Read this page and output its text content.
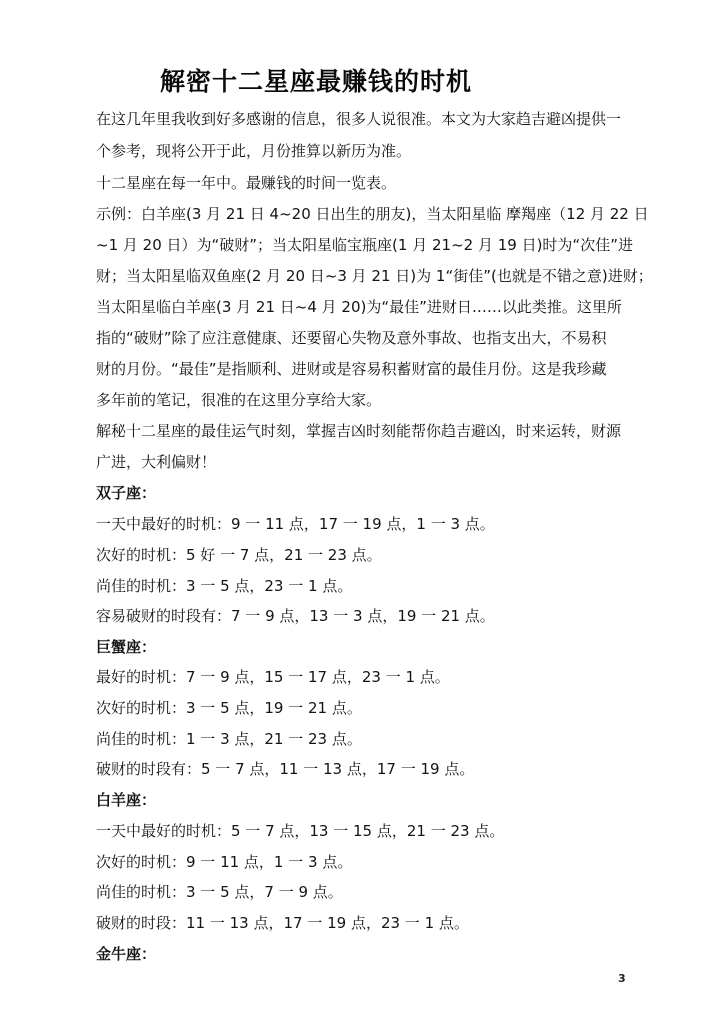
解密十二星座最赚钱的时机
在这几年里我收到好多感谢的信息，很多人说很准。本文为大家趋吉避凶提供一
个参考，现将公开于此，月份推算以新历为准。
十二星座在每一年中。最赚钱的时间一览表。
示例：白羊座(3 月 21 日 4~20 日出生的朋友)，当太阳星临 摩羯座（12 月 22 日
~1 月 20 日）为“破财”；当太阳星临宝瓶座(1 月 21~2 月 19 日)时为“次佳”进
财；当太阳星临双鱼座(2 月 20 日~3 月 21 日)为 1“街佳”(也就是不错之意)进财；
当太阳星临白羊座(3 月 21 日~4 月 20)为“最佳”进财日……以此类推。这里所
指的“破财”除了应注意健康、还要留心失物及意外事故、也指支出大，不易积
财的月份。“最佳”是指顺利、进财或是容易积蓄财富的最佳月份。这是我珍藏
多年前的笔记，很准的在这里分享给大家。
解秘十二星座的最佳运气时刻，掌握吉凶时刻能帮你趋吉避凶，时来运转，财源
广进，大利偏财！
双子座：
一天中最好的时机：9 一 11 点，17 一 19 点，1 一 3 点。
次好的时机：5 好 一 7 点，21 一 23 点。
尚佳的时机：3 一 5 点，23 一 1 点。
容易破财的时段有：7 一 9 点，13 一 3 点，19 一 21 点。
巨蟹座：
最好的时机：7 一 9 点，15 一 17 点，23 一 1 点。
次好的时机：3 一 5 点，19 一 21 点。
尚佳的时机：1 一 3 点，21 一 23 点。
破财的时段有：5 一 7 点，11 一 13 点，17 一 19 点。
白羊座：
一天中最好的时机：5 一 7 点，13 一 15 点，21 一 23 点。
次好的时机：9 一 11 点，1 一 3 点。
尚佳的时机：3 一 5 点，7 一 9 点。
破财的时段：11 一 13 点，17 一 19 点，23 一 1 点。
金牛座：
3
